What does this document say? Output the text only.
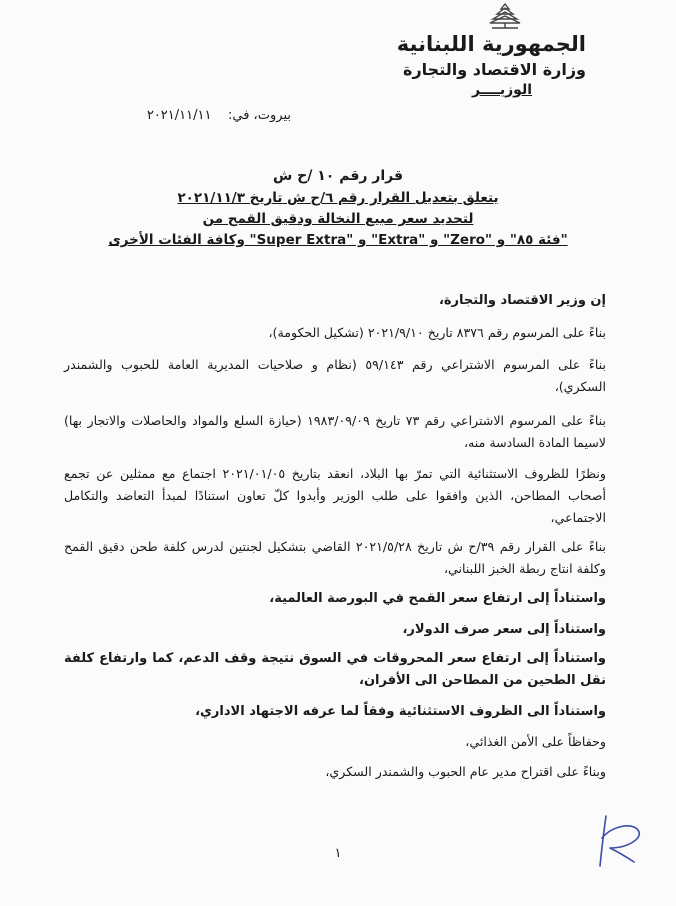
الجمهورية اللبنانية
وزارة الاقتصاد والتجارة
الوزيــــر
بيروت، في:    ٢٠٢١/١١/١١
قرار رقم ١٠ /ح ش
يتعلق بتعديل القرار رقم ٦/ح ش تاريخ ٢٠٢١/١١/٣
لتحديد سعر مبيع النخالة ودقيق القمح من
"فئة ٨٥" و "Zero" و "Extra" و "Super Extra" وكافة الفئات الأخرى
إن وزير الاقتصاد والتجارة،
بناءً على المرسوم رقم ٨٣٧٦ تاريخ ٢٠٢١/٩/١٠ (تشكيل الحكومة)،
بناءً على المرسوم الاشتراعي رقم ٥٩/١٤٣ (نظام و صلاحيات المديرية العامة للحبوب والشمندر السكري)،
بناءً على المرسوم الاشتراعي رقم ٧٣ تاريخ ١٩٨٣/٠٩/٠٩ (حيازة السلع والمواد والحاصلات والاتجار بها) لاسيما المادة السادسة منه،
ونظرًا للظروف الاستثنائية التي تمرّ بها البلاد، انعقد بتاريخ ٢٠٢١/٠١/٠٥ اجتماع مع ممثلين عن تجمع أصحاب المطاحن، الذين وافقوا على طلب الوزير وأبدوا كلّ تعاون استنادًا لمبدأ التعاضد والتكامل الاجتماعي،
بناءً على القرار رقم ٣٩/ح ش تاريخ ٢٠٢١/٥/٢٨ القاضي بتشكيل لجنتين لدرس كلفة طحن دقيق القمح وكلفة انتاج ربطة الخبز اللبناني،
واستناداً إلى ارتفاع سعر القمح في البورصة العالمية،
واستناداً إلى سعر صرف الدولار،
واستناداً إلى ارتفاع سعر المحروقات في السوق نتيجة وقف الدعم، كما وارتفاع كلفة نقل الطحين من المطاحن الى الأفران،
واستناداً الى الظروف الاستثنائية وفقاً لما عرفه الاجتهاد الاداري،
وحفاظاً على الأمن الغذائي،
وبناءً على اقتراح مدير عام الحبوب والشمندر السكري،
١
